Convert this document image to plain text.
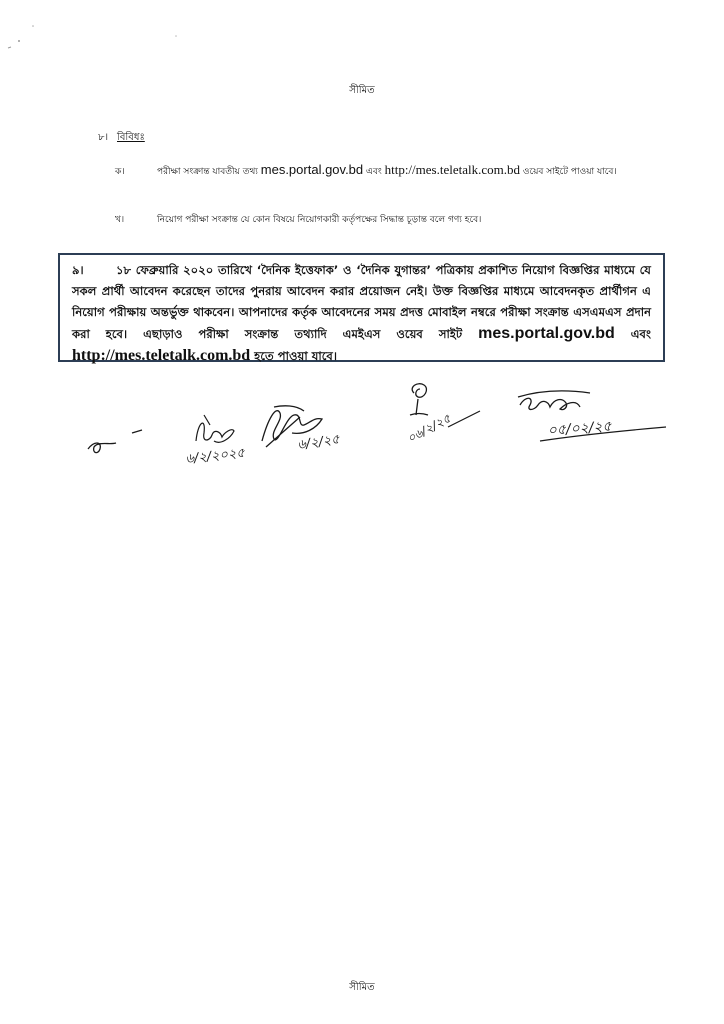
সীমিত
৮। বিবিধঃ
ক।	পরীক্ষা সংক্রান্ত যাবতীয় তথ্য mes.portal.gov.bd এবং http://mes.teletalk.com.bd ওয়েব সাইটে পাওয়া যাবে।
খ।	নিয়োগ পরীক্ষা সংক্রান্ত যে কোন বিষয়ে নিয়োগকারী কর্তৃপক্ষের সিদ্ধান্ত চূড়ান্ত বলে গণ্য হবে।
৯।	১৮ ফেব্রুয়ারি ২০২০ তারিখে ‘দৈনিক ইত্তেফাক’ ও ‘দৈনিক যুগান্তর’ পত্রিকায় প্রকাশিত নিয়োগ বিজ্ঞপ্তির মাধ্যমে যে সকল প্রার্থী আবেদন করেছেন তাদের পুনরায় আবেদন করার প্রয়োজন নেই। উক্ত বিজ্ঞপ্তির মাধ্যমে আবেদনকৃত প্রার্থীগন এ নিয়োগ পরীক্ষায় অন্তর্ভুক্ত থাকবেন। আপনাদের কর্তৃক আবেদনের সময় প্রদত্ত মোবাইল নম্বরে পরীক্ষা সংক্রান্ত এসএমএস প্রদান করা হবে। এছাড়াও পরীক্ষা সংক্রান্ত তথ্যাদি এমইএস ওয়েব সাইট mes.portal.gov.bd এবং http://mes.teletalk.com.bd হতে পাওয়া যাবে।
৬/২/২০২৫
৬/২/২৫	০৬/২/২৫	০৫/০২/২৫
সীমিত
